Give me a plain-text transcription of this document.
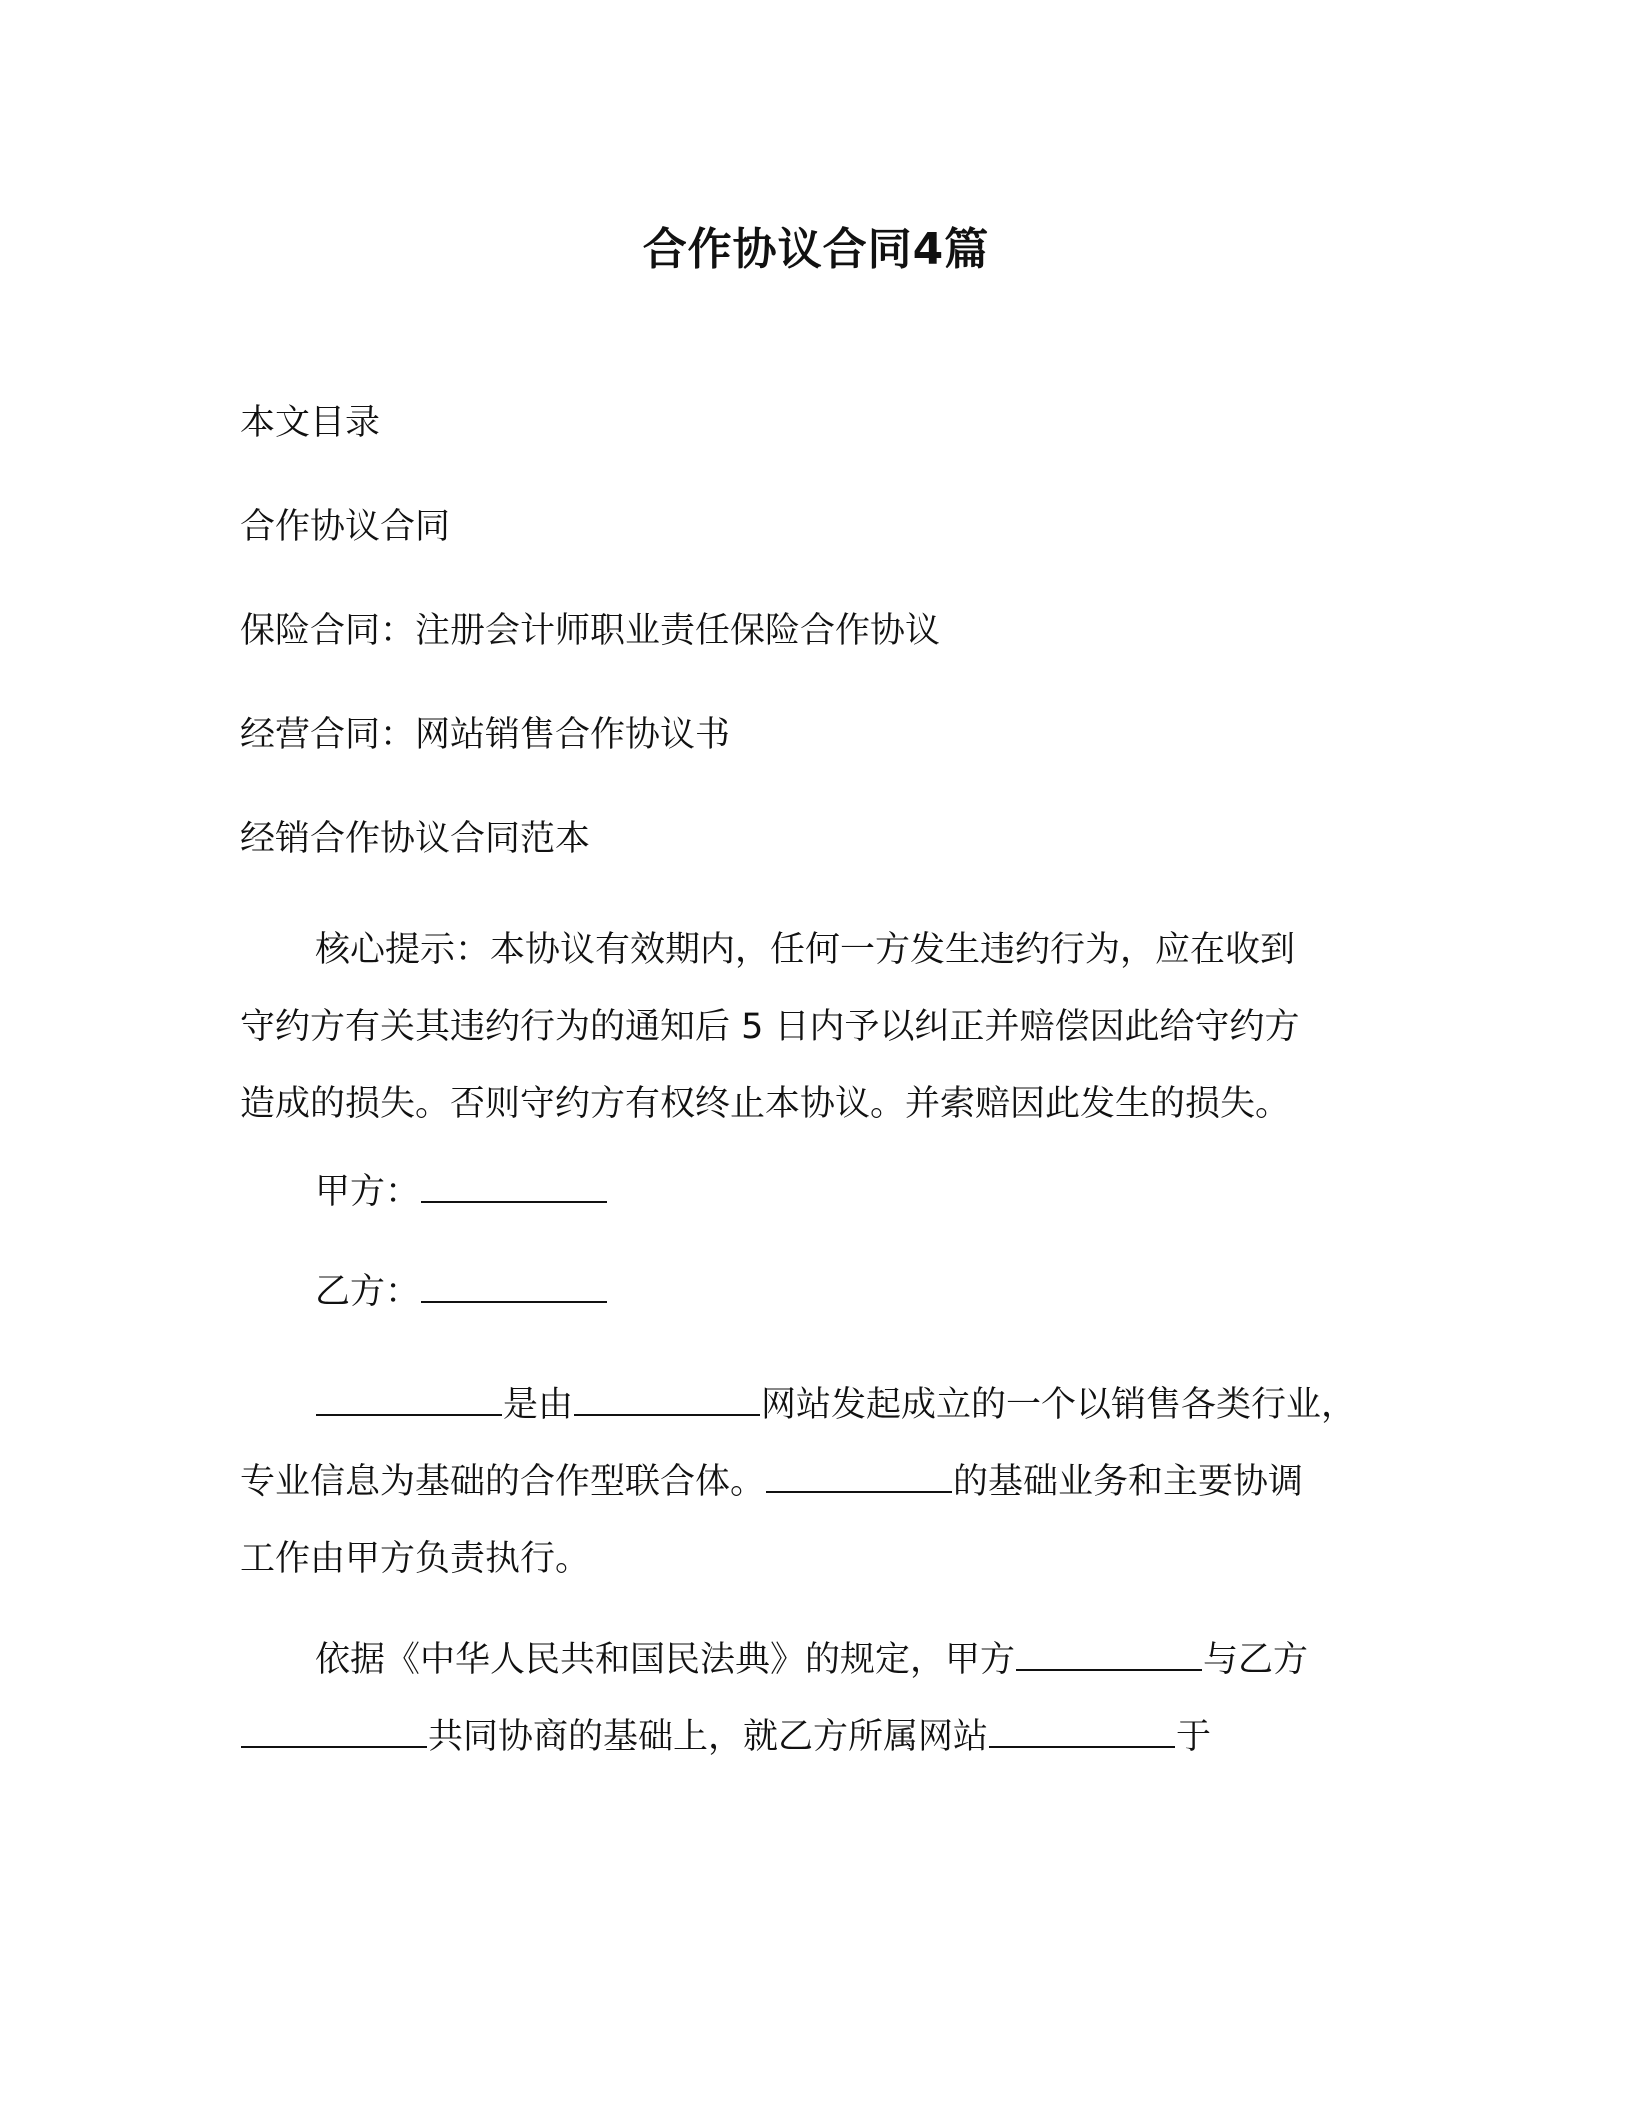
合作协议合同4篇
本文目录
合作协议合同
保险合同：注册会计师职业责任保险合作协议
经营合同：网站销售合作协议书
经销合作协议合同范本
核心提示：本协议有效期内，任何一方发生违约行为，应在收到
守约方有关其违约行为的通知后 5 日内予以纠正并赔偿因此给守约方
造成的损失。否则守约方有权终止本协议。并索赔因此发生的损失。
甲方：
乙方：
是由	网站发起成立的一个以销售各类行业，
专业信息为基础的合作型联合体。	的基础业务和主要协调
工作由甲方负责执行。
依据《中华人民共和国民法典》的规定，甲方	与乙方
共同协商的基础上，就乙方所属网站	于
